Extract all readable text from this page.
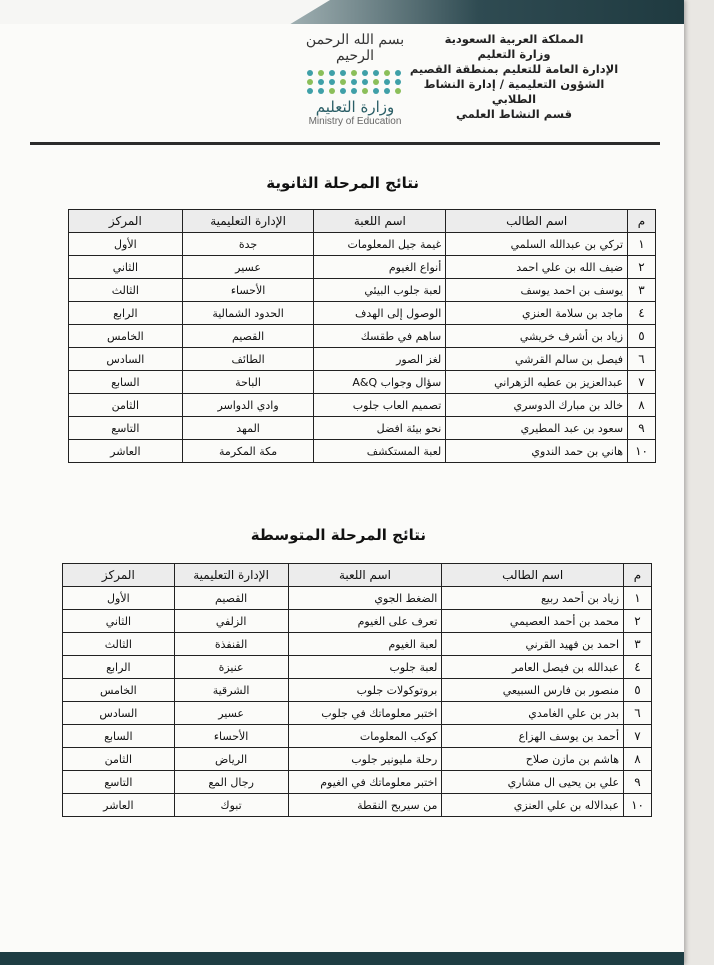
المملكة العربية السعودية
وزارة التعليم
الإدارة العامة للتعليم بمنطقة القصيم
الشؤون التعليمية / إدارة النشاط الطلابي
قسم النشاط العلمي
بسم الله الرحمن الرحيم
وزارة التعليم
Ministry of Education
نتائج المرحلة الثانوية
م	اسم الطالب	اسم اللعبة	الإدارة التعليمية	المركز
١	تركي بن عبدالله السلمي	غيمة جيل المعلومات	جدة	الأول
٢	ضيف الله بن علي احمد	أنواع الغيوم	عسير	الثاني
٣	يوسف بن احمد يوسف	لعبة جلوب البيئي	الأحساء	الثالث
٤	ماجد بن سلامة العنزي	الوصول إلى الهدف	الحدود الشمالية	الرابع
٥	زياد بن أشرف خريشي	ساهم في طقسك	القصيم	الخامس
٦	فيصل بن سالم القرشي	لغز الصور	الطائف	السادس
٧	عبدالعزيز بن عطيه الزهراني	سؤال وجواب A&Q	الباحة	السابع
٨	خالد بن مبارك الدوسري	تصميم العاب جلوب	وادي الدواسر	الثامن
٩	سعود بن عبد المطيري	نحو بيئة افضل	المهد	التاسع
١٠	هاني بن حمد الندوي	لعبة المستكشف	مكة المكرمة	العاشر
نتائج المرحلة المتوسطة
م	اسم الطالب	اسم اللعبة	الإدارة التعليمية	المركز
١	زياد بن أحمد ربيع	الضغط الجوي	القصيم	الأول
٢	محمد بن أحمد العصيمي	تعرف على الغيوم	الزلفي	الثاني
٣	احمد بن فهيد القرني	لعبة الغيوم	القنفذة	الثالث
٤	عبدالله بن فيصل العامر	لعبة جلوب	عنيزة	الرابع
٥	منصور بن فارس السبيعي	بروتوكولات جلوب	الشرقية	الخامس
٦	بدر بن علي الغامدي	اختبر معلوماتك في جلوب	عسير	السادس
٧	أحمد بن يوسف الهزاع	كوكب المعلومات	الأحساء	السابع
٨	هاشم بن مازن صلاح	رحلة مليونير جلوب	الرياض	الثامن
٩	علي بن يحيى ال مشاري	اختبر معلوماتك في الغيوم	رجال المع	التاسع
١٠	عبدالاله بن علي العنزي	من سيربح النقطة	تبوك	العاشر
